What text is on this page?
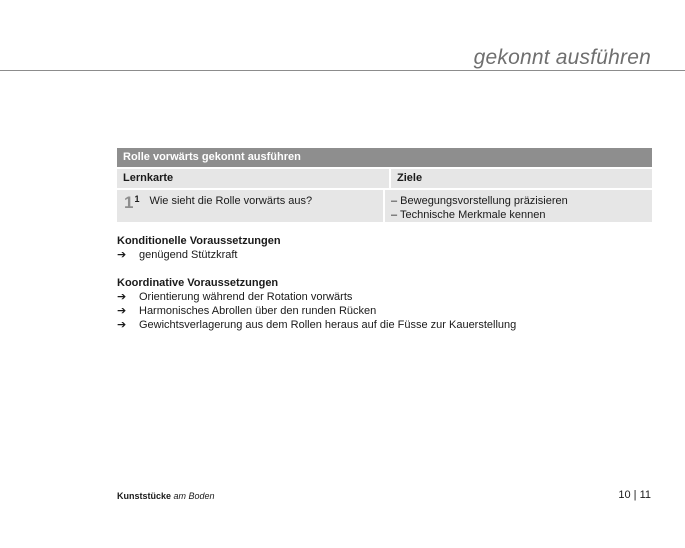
gekonnt ausführen
Rolle vorwärts gekonnt ausführen
Lernkarte	Ziele
1 1 Wie sieht die Rolle vorwärts aus?	– Bewegungsvorstellung präzisieren
– Technische Merkmale kennen

Konditionelle Voraussetzungen

➔	genügend Stützkraft

Koordinative Voraussetzungen

➔	Orientierung während der Rotation vorwärts
➔	Harmonisches Abrollen über den runden Rücken
➔	Gewichtsverlagerung aus dem Rollen heraus auf die Füsse zur Kauerstellung
Kunststücke am Boden	10 | 11
